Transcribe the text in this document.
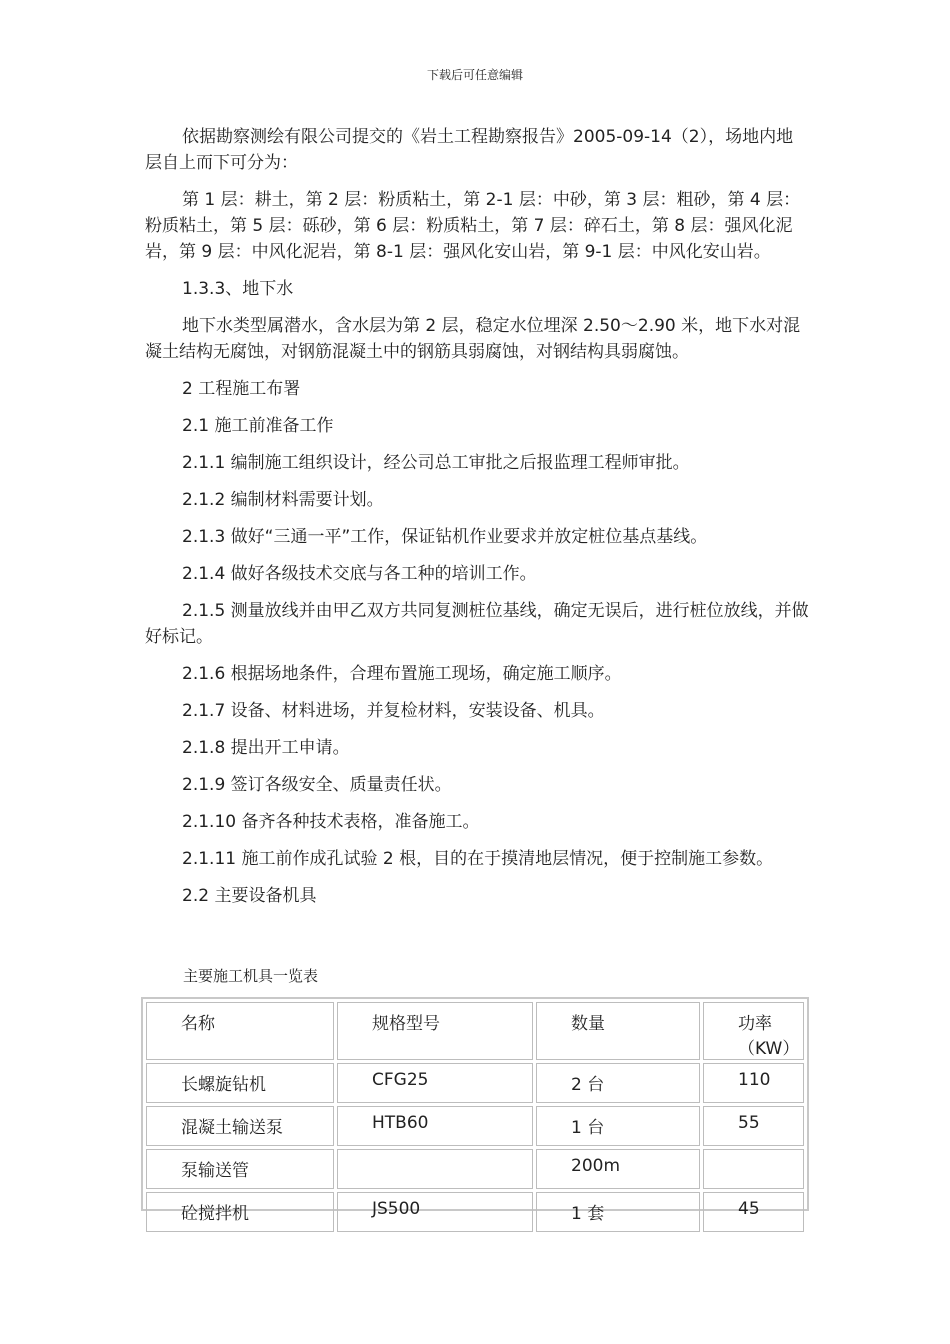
下载后可任意编辑

依据勘察测绘有限公司提交的《岩土工程勘察报告》2005-09-14（2），场地内地层自上而下可分为：

第 1 层：耕土，第 2 层：粉质粘土，第 2-1 层：中砂，第 3 层：粗砂，第 4 层：粉质粘土，第 5 层：砾砂，第 6 层：粉质粘土，第 7 层：碎石土，第 8 层：强风化泥岩，第 9 层：中风化泥岩，第 8-1 层：强风化安山岩，第 9-1 层：中风化安山岩。

1.3.3、地下水

地下水类型属潜水，含水层为第 2 层，稳定水位埋深 2.50～2.90 米，地下水对混凝土结构无腐蚀，对钢筋混凝土中的钢筋具弱腐蚀，对钢结构具弱腐蚀。

2 工程施工布署

2.1 施工前准备工作

2.1.1 编制施工组织设计，经公司总工审批之后报监理工程师审批。

2.1.2 编制材料需要计划。

2.1.3 做好“三通一平”工作，保证钻机作业要求并放定桩位基点基线。

2.1.4 做好各级技术交底与各工种的培训工作。

2.1.5 测量放线并由甲乙双方共同复测桩位基线，确定无误后，进行桩位放线，并做好标记。

2.1.6 根据场地条件，合理布置施工现场，确定施工顺序。

2.1.7 设备、材料进场，并复检材料，安装设备、机具。

2.1.8 提出开工申请。

2.1.9 签订各级安全、质量责任状。

2.1.10 备齐各种技术表格，准备施工。

2.1.11 施工前作成孔试验 2 根，目的在于摸清地层情况，便于控制施工参数。

2.2 主要设备机具

主要施工机具一览表
名称	规格型号	数量	功率（KW）
长螺旋钻机	CFG25	2 台	110
混凝土输送泵	HTB60	1 台	55
泵输送管		200m	
砼搅拌机	JS500	1 套	45
